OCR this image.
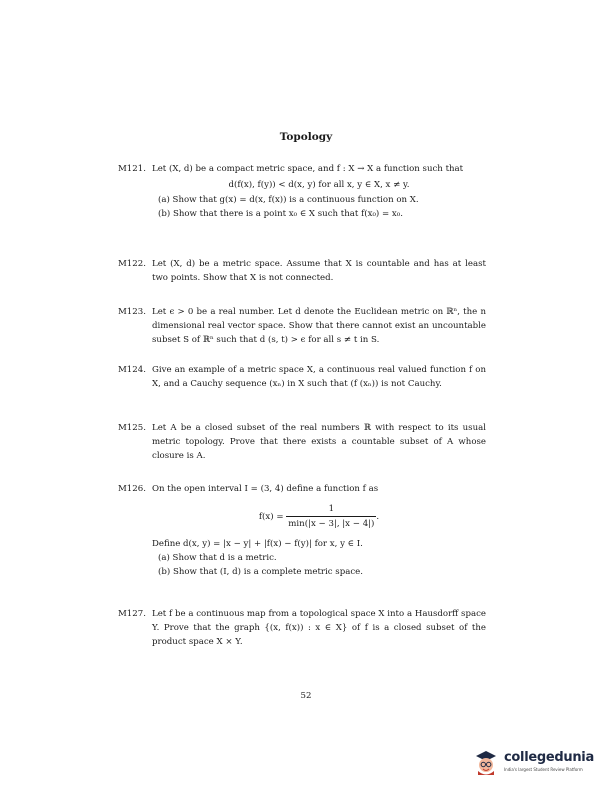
Topology
M121. Let (X, d) be a compact metric space, and f : X → X a function such that
d(f(x), f(y)) < d(x, y) for all x, y ∈ X, x ≠ y.
(a) Show that g(x) = d(x, f(x)) is a continuous function on X.
(b) Show that there is a point x₀ ∈ X such that f(x₀) = x₀.
M122. Let (X, d) be a metric space. Assume that X is countable and has at least two points. Show that X is not connected.
M123. Let ϵ > 0 be a real number. Let d denote the Euclidean metric on ℝⁿ, the n dimensional real vector space. Show that there cannot exist an uncountable subset S of ℝⁿ such that d (s, t) > ϵ for all s ≠ t in S.
M124. Give an example of a metric space X, a continuous real valued function f on X, and a Cauchy sequence (xₙ) in X such that (f (xₙ)) is not Cauchy.
M125. Let A be a closed subset of the real numbers ℝ with respect to its usual metric topology. Prove that there exists a countable subset of A whose closure is A.
M126. On the open interval I = (3, 4) define a function f as
$f(x) = \frac{1}{\min(|x - 3|, |x - 4|)}$ .
Define d(x, y) = |x − y| + |f(x) − f(y)| for x, y ∈ I.
(a) Show that d is a metric.
(b) Show that (I, d) is a complete metric space.
M127. Let f be a continuous map from a topological space X into a Hausdorff space Y. Prove that the graph {(x, f(x)) : x ∈ X} of f is a closed subset of the product space X × Y.
52
collegedunia
India's largest Student Review Platform
